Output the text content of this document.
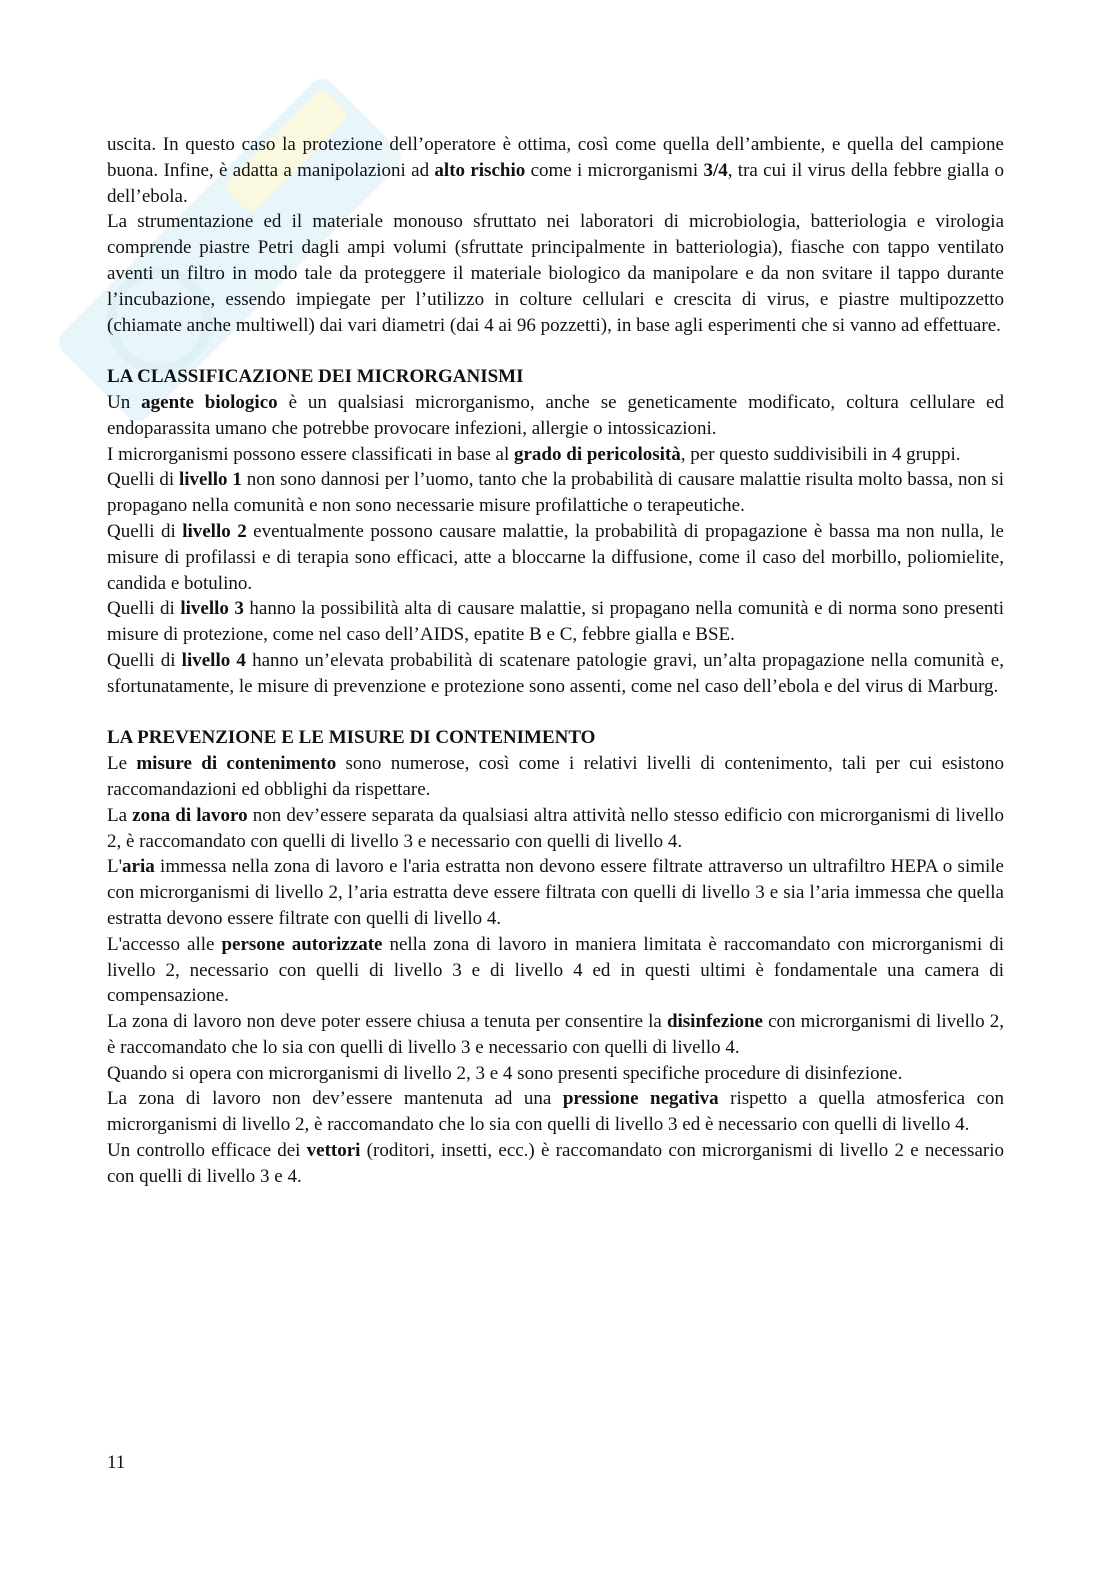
uscita. In questo caso la protezione dell’operatore è ottima, così come quella dell’ambiente, e quella del campione buona. Infine, è adatta a manipolazioni ad alto rischio come i microrganismi 3/4, tra cui il virus della febbre gialla o dell’ebola.

La strumentazione ed il materiale monouso sfruttato nei laboratori di microbiologia, batteriologia e virologia comprende piastre Petri dagli ampi volumi (sfruttate principalmente in batteriologia), fiasche con tappo ventilato aventi un filtro in modo tale da proteggere il materiale biologico da manipolare e da non svitare il tappo durante l’incubazione, essendo impiegate per l’utilizzo in colture cellulari e crescita di virus, e piastre multipozzetto (chiamate anche multiwell) dai vari diametri (dai 4 ai 96 pozzetti), in base agli esperimenti che si vanno ad effettuare.

LA CLASSIFICAZIONE DEI MICRORGANISMI

Un agente biologico è un qualsiasi microrganismo, anche se geneticamente modificato, coltura cellulare ed endoparassita umano che potrebbe provocare infezioni, allergie o intossicazioni.

I microrganismi possono essere classificati in base al grado di pericolosità, per questo suddivisibili in 4 gruppi.

Quelli di livello 1 non sono dannosi per l’uomo, tanto che la probabilità di causare malattie risulta molto bassa, non si propagano nella comunità e non sono necessarie misure profilattiche o terapeutiche.

Quelli di livello 2 eventualmente possono causare malattie, la probabilità di propagazione è bassa ma non nulla, le misure di profilassi e di terapia sono efficaci, atte a bloccarne la diffusione, come il caso del morbillo, poliomielite, candida e botulino.

Quelli di livello 3 hanno la possibilità alta di causare malattie, si propagano nella comunità e di norma sono presenti misure di protezione, come nel caso dell’AIDS, epatite B e C, febbre gialla e BSE.

Quelli di livello 4 hanno un’elevata probabilità di scatenare patologie gravi, un’alta propagazione nella comunità e, sfortunatamente, le misure di prevenzione e protezione sono assenti, come nel caso dell’ebola e del virus di Marburg.

LA PREVENZIONE E LE MISURE DI CONTENIMENTO

Le misure di contenimento sono numerose, così come i relativi livelli di contenimento, tali per cui esistono raccomandazioni ed obblighi da rispettare.

La zona di lavoro non dev’essere separata da qualsiasi altra attività nello stesso edificio con microrganismi di livello 2, è raccomandato con quelli di livello 3 e necessario con quelli di livello 4.

L'aria immessa nella zona di lavoro e l'aria estratta non devono essere filtrate attraverso un ultrafiltro HEPA o simile con microrganismi di livello 2, l’aria estratta deve essere filtrata con quelli di livello 3 e sia l’aria immessa che quella estratta devono essere filtrate con quelli di livello 4.

L'accesso alle persone autorizzate nella zona di lavoro in maniera limitata è raccomandato con microrganismi di livello 2, necessario con quelli di livello 3 e di livello 4 ed in questi ultimi è fondamentale una camera di compensazione.

La zona di lavoro non deve poter essere chiusa a tenuta per consentire la disinfezione con microrganismi di livello 2, è raccomandato che lo sia con quelli di livello 3 e necessario con quelli di livello 4.

Quando si opera con microrganismi di livello 2, 3 e 4 sono presenti specifiche procedure di disinfezione.

La zona di lavoro non dev’essere mantenuta ad una pressione negativa rispetto a quella atmosferica con microrganismi di livello 2, è raccomandato che lo sia con quelli di livello 3 ed è necessario con quelli di livello 4.

Un controllo efficace dei vettori (roditori, insetti, ecc.) è raccomandato con microrganismi di livello 2 e necessario con quelli di livello 3 e 4.

11
